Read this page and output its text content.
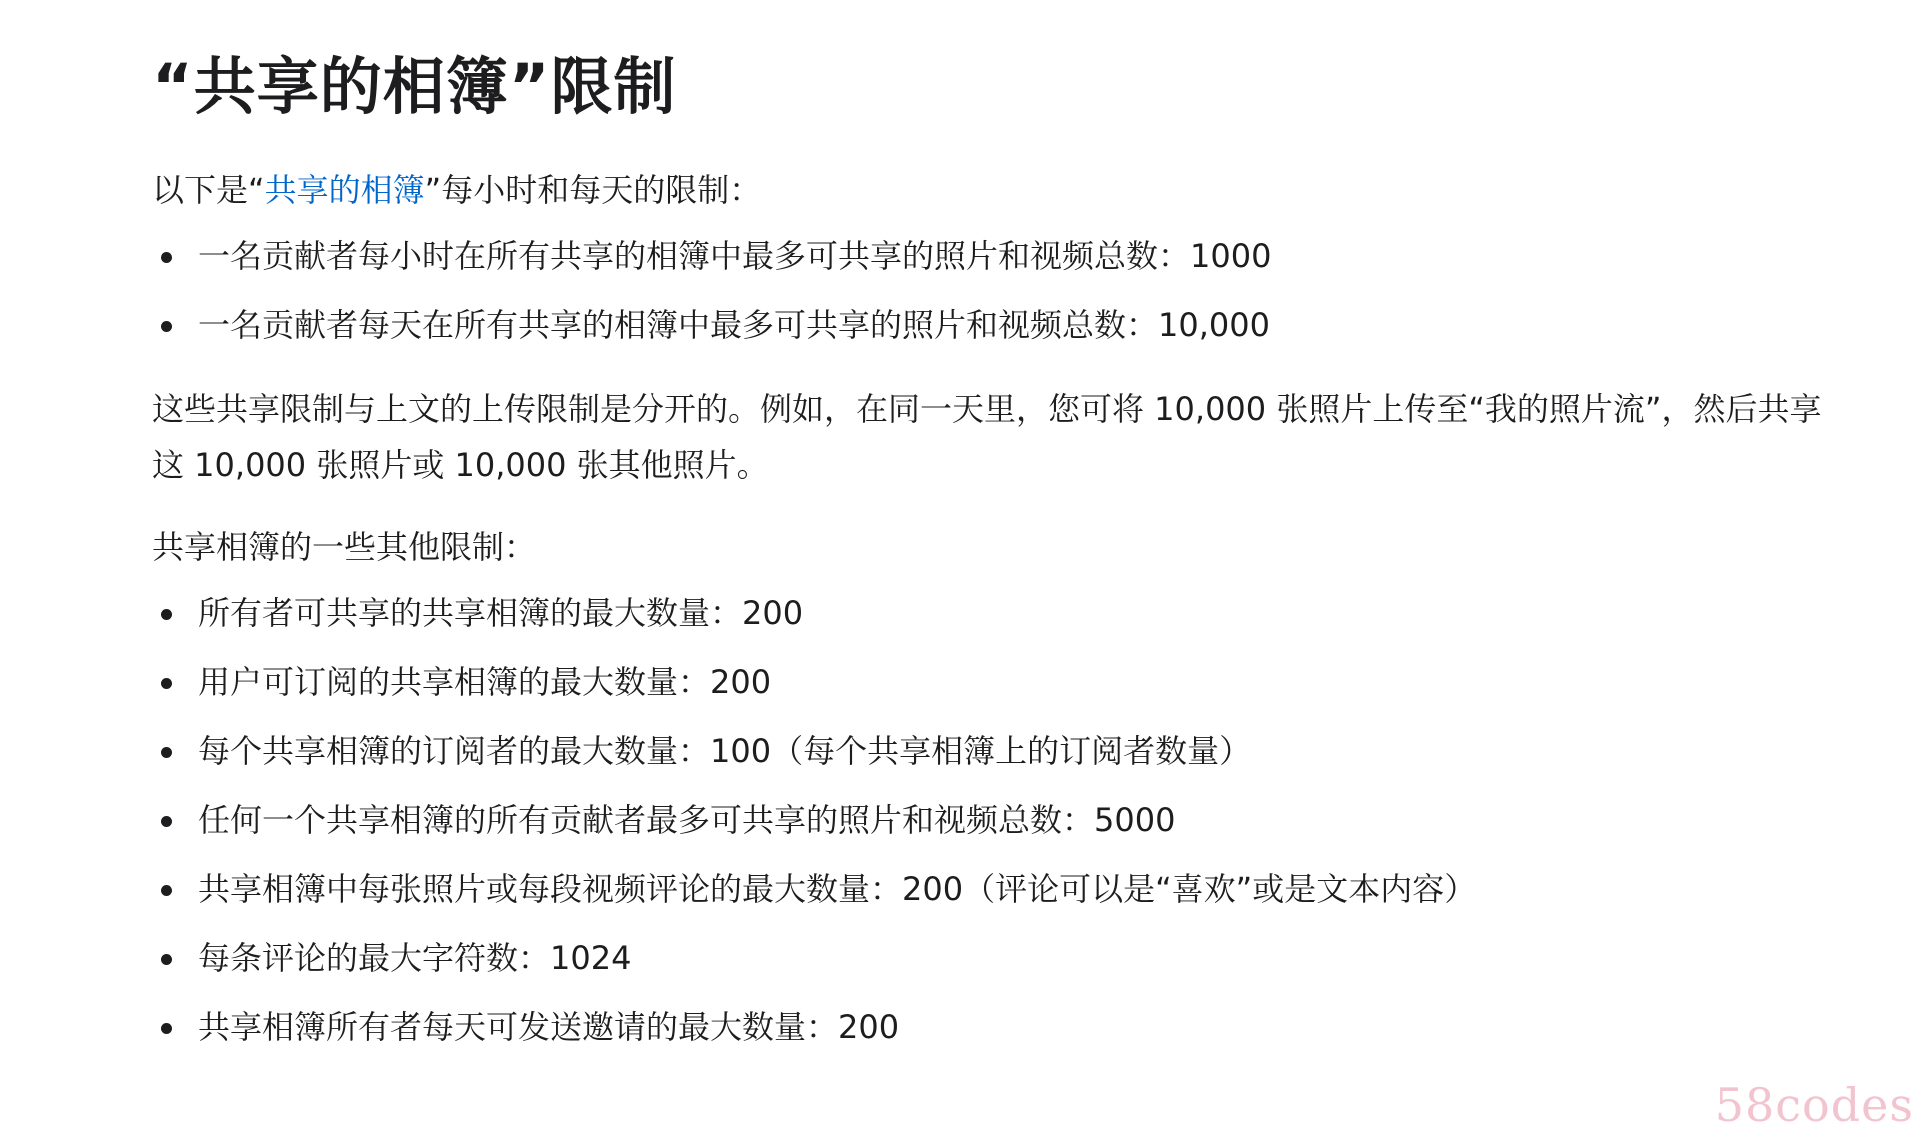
“共享的相簿”限制

以下是“共享的相簿”每小时和每天的限制：

一名贡献者每小时在所有共享的相簿中最多可共享的照片和视频总数：1000
一名贡献者每天在所有共享的相簿中最多可共享的照片和视频总数：10,000

这些共享限制与上文的上传限制是分开的。例如，在同一天里，您可将 10,000 张照片上传至“我的照片流”，然后共享这 10,000 张照片或 10,000 张其他照片。

共享相簿的一些其他限制：

所有者可共享的共享相簿的最大数量：200
用户可订阅的共享相簿的最大数量：200
每个共享相簿的订阅者的最大数量：100（每个共享相簿上的订阅者数量）
任何一个共享相簿的所有贡献者最多可共享的照片和视频总数：5000
共享相簿中每张照片或每段视频评论的最大数量：200（评论可以是“喜欢”或是文本内容）
每条评论的最大字符数：1024
共享相簿所有者每天可发送邀请的最大数量：200
58codes
